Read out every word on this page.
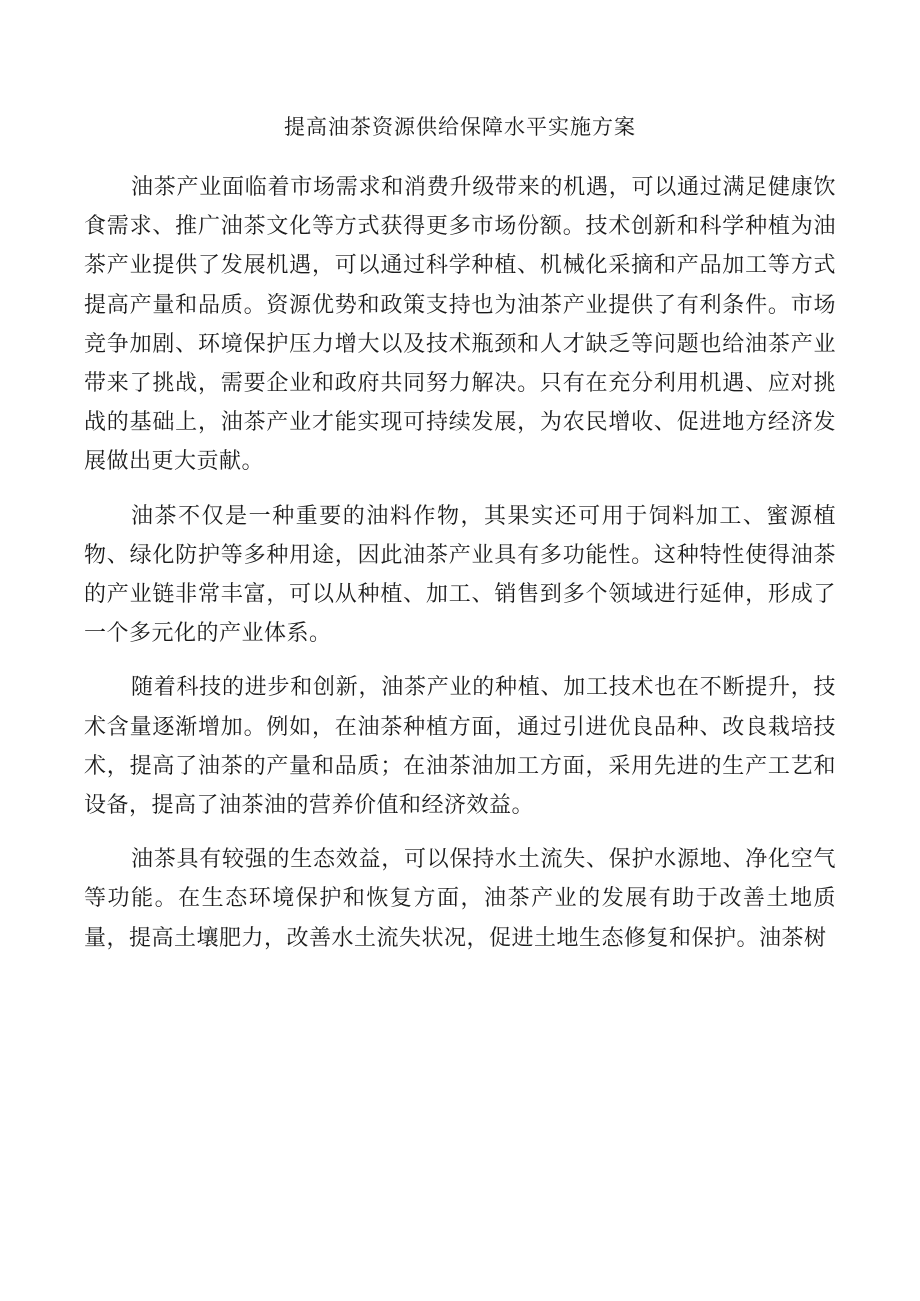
提高油茶资源供给保障水平实施方案

油茶产业面临着市场需求和消费升级带来的机遇，可以通过满足健康饮食需求、推广油茶文化等方式获得更多市场份额。技术创新和科学种植为油茶产业提供了发展机遇，可以通过科学种植、机械化采摘和产品加工等方式提高产量和品质。资源优势和政策支持也为油茶产业提供了有利条件。市场竞争加剧、环境保护压力增大以及技术瓶颈和人才缺乏等问题也给油茶产业带来了挑战，需要企业和政府共同努力解决。只有在充分利用机遇、应对挑战的基础上，油茶产业才能实现可持续发展，为农民增收、促进地方经济发展做出更大贡献。

油茶不仅是一种重要的油料作物，其果实还可用于饲料加工、蜜源植物、绿化防护等多种用途，因此油茶产业具有多功能性。这种特性使得油茶的产业链非常丰富，可以从种植、加工、销售到多个领域进行延伸，形成了一个多元化的产业体系。

随着科技的进步和创新，油茶产业的种植、加工技术也在不断提升，技术含量逐渐增加。例如，在油茶种植方面，通过引进优良品种、改良栽培技术，提高了油茶的产量和品质；在油茶油加工方面，采用先进的生产工艺和设备，提高了油茶油的营养价值和经济效益。

油茶具有较强的生态效益，可以保持水土流失、保护水源地、净化空气等功能。在生态环境保护和恢复方面，油茶产业的发展有助于改善土地质量，提高土壤肥力，改善水土流失状况，促进土地生态修复和保护。油茶树
